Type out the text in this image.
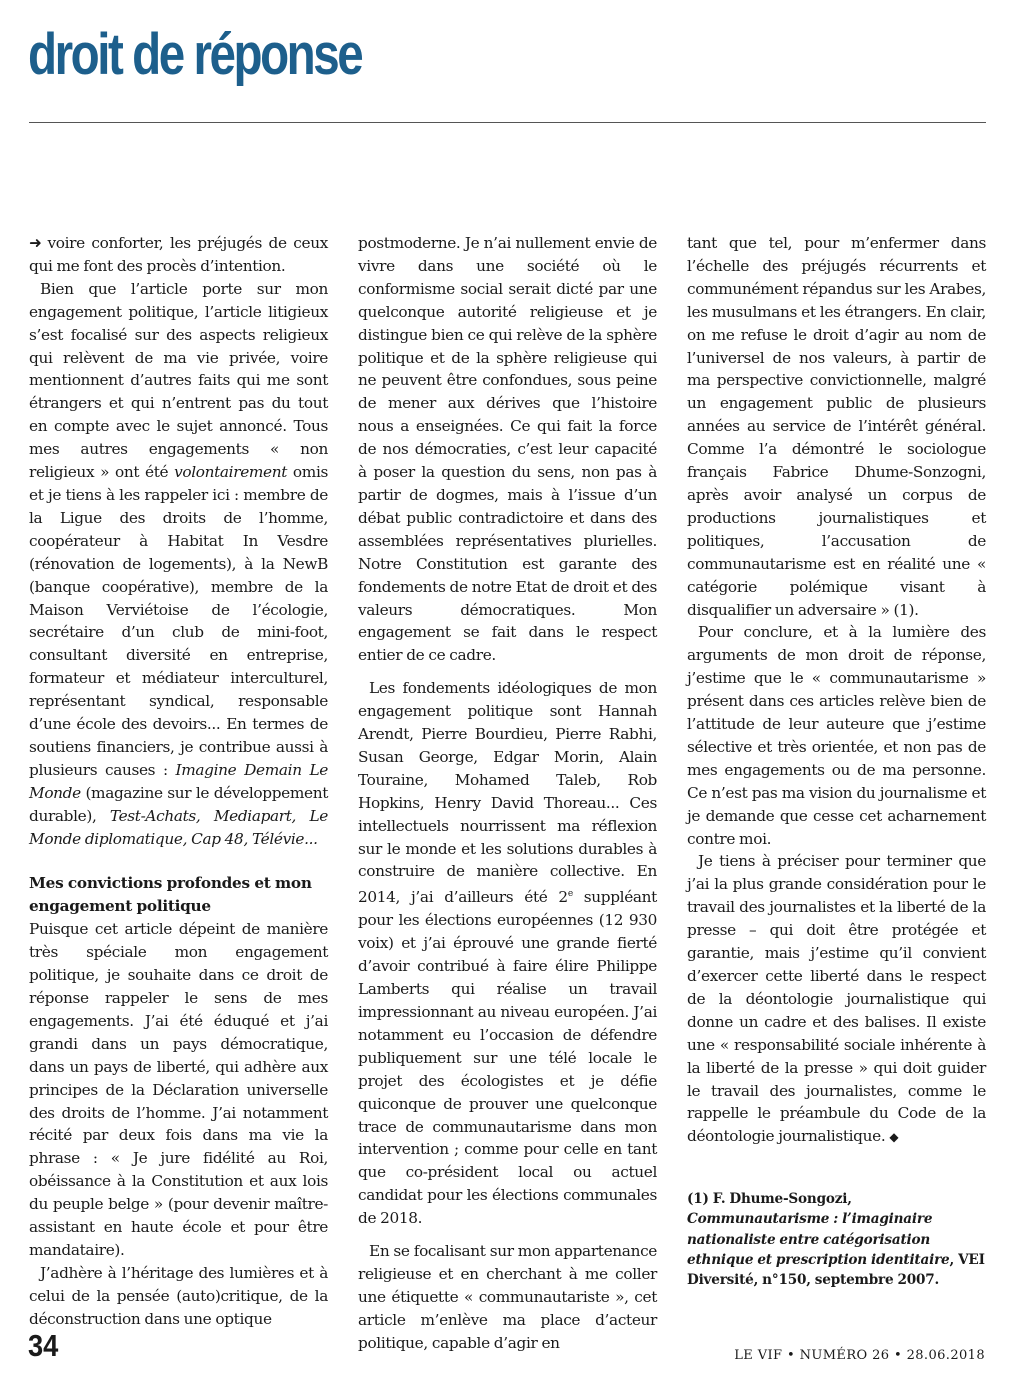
droit de réponse

➜ voire conforter, les préjugés de ceux qui me font des procès d’intention.

Bien que l’article porte sur mon engagement politique, l’article litigieux s’est focalisé sur des aspects religieux qui relèvent de ma vie privée, voire mentionnent d’autres faits qui me sont étrangers et qui n’entrent pas du tout en compte avec le sujet annoncé. Tous mes autres engagements « non religieux » ont été volontairement omis et je tiens à les rappeler ici : membre de la Ligue des droits de l’homme, coopérateur à Habitat In Vesdre (rénovation de logements), à la NewB (banque coopérative), membre de la Maison Verviétoise de l’écologie, secrétaire d’un club de mini-foot, consultant diversité en entreprise, formateur et médiateur interculturel, représentant syndical, responsable d’une école des devoirs... En termes de soutiens financiers, je contribue aussi à plusieurs causes : Imagine Demain Le Monde (magazine sur le développement durable), Test-Achats, Mediapart, Le Monde diplomatique, Cap 48, Télévie...

Mes convictions profondes et mon engagement politique

Puisque cet article dépeint de manière très spéciale mon engagement politique, je souhaite dans ce droit de réponse rappeler le sens de mes engagements. J’ai été éduqué et j’ai grandi dans un pays démocratique, dans un pays de liberté, qui adhère aux principes de la Déclaration universelle des droits de l’homme. J’ai notamment récité par deux fois dans ma vie la phrase : « Je jure fidélité au Roi, obéissance à la Constitution et aux lois du peuple belge » (pour devenir maître-assistant en haute école et pour être mandataire).

J’adhère à l’héritage des lumières et à celui de la pensée (auto)critique, de la déconstruction dans une optique

postmoderne. Je n’ai nullement envie de vivre dans une société où le conformisme social serait dicté par une quelconque autorité religieuse et je distingue bien ce qui relève de la sphère politique et de la sphère religieuse qui ne peuvent être confondues, sous peine de mener aux dérives que l’histoire nous a enseignées. Ce qui fait la force de nos démocraties, c’est leur capacité à poser la question du sens, non pas à partir de dogmes, mais à l’issue d’un débat public contradictoire et dans des assemblées représentatives plurielles. Notre Constitution est garante des fondements de notre Etat de droit et des valeurs démocratiques. Mon engagement se fait dans le respect entier de ce cadre.

Les fondements idéologiques de mon engagement politique sont Hannah Arendt, Pierre Bourdieu, Pierre Rabhi, Susan George, Edgar Morin, Alain Touraine, Mohamed Taleb, Rob Hopkins, Henry David Thoreau... Ces intellectuels nourrissent ma réflexion sur le monde et les solutions durables à construire de manière collective. En 2014, j’ai d’ailleurs été 2e suppléant pour les élections européennes (12 930 voix) et j’ai éprouvé une grande fierté d’avoir contribué à faire élire Philippe Lamberts qui réalise un travail impressionnant au niveau européen. J’ai notamment eu l’occasion de défendre publiquement sur une télé locale le projet des écologistes et je défie quiconque de prouver une quelconque trace de communautarisme dans mon intervention ; comme pour celle en tant que co-président local ou actuel candidat pour les élections communales de 2018.

En se focalisant sur mon appartenance religieuse et en cherchant à me coller une étiquette « communautariste », cet article m’enlève ma place d’acteur politique, capable d’agir en

tant que tel, pour m’enfermer dans l’échelle des préjugés récurrents et communément répandus sur les Arabes, les musulmans et les étrangers. En clair, on me refuse le droit d’agir au nom de l’universel de nos valeurs, à partir de ma perspective convictionnelle, malgré un engagement public de plusieurs années au service de l’intérêt général. Comme l’a démontré le sociologue français Fabrice Dhume-Sonzogni, après avoir analysé un corpus de productions journalistiques et politiques, l’accusation de communautarisme est en réalité une « catégorie polémique visant à disqualifier un adversaire » (1).

Pour conclure, et à la lumière des arguments de mon droit de réponse, j’estime que le « communautarisme » présent dans ces articles relève bien de l’attitude de leur auteure que j’estime sélective et très orientée, et non pas de mes engagements ou de ma personne. Ce n’est pas ma vision du journalisme et je demande que cesse cet acharnement contre moi.

Je tiens à préciser pour terminer que j’ai la plus grande considération pour le travail des journalistes et la liberté de la presse – qui doit être protégée et garantie, mais j’estime qu’il convient d’exercer cette liberté dans le respect de la déontologie journalistique qui donne un cadre et des balises. Il existe une « responsabilité sociale inhérente à la liberté de la presse » qui doit guider le travail des journalistes, comme le rappelle le préambule du Code de la déontologie journalistique. ◆

(1) F. Dhume-Songozi,
Communautarisme : l’imaginaire nationaliste entre catégorisation ethnique et prescription identitaire, VEI Diversité, n°150, septembre 2007.

34	LE VIF • NUMÉRO 26 • 28.06.2018
